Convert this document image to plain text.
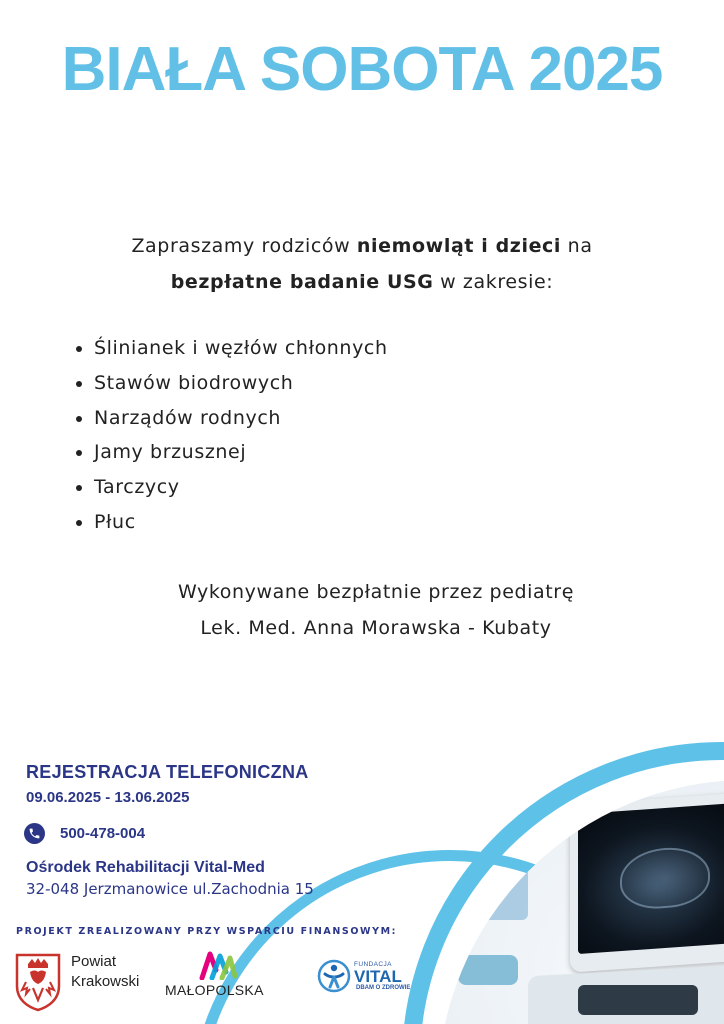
BIAŁA SOBOTA 2025
Zapraszamy rodziców niemowląt i dzieci na
bezpłatne badanie USG w zakresie:
Ślinianek i węzłów chłonnych
Stawów biodrowych
Narządów rodnych
Jamy brzusznej
Tarczycy
Płuc
Wykonywane bezpłatnie przez pediatrę
Lek. Med. Anna Morawska - Kubaty
REJESTRACJA TELEFONICZNA
09.06.2025 - 13.06.2025
500-478-004
Ośrodek Rehabilitacji Vital-Med
32-048 Jerzmanowice ul.Zachodnia 15
PROJEKT ZREALIZOWANY PRZY WSPARCIU FINANSOWYM:
Powiat
Krakowski MAŁOPOLSKA
FUNDACJA
VITAL
DBAM O ZDROWIE
